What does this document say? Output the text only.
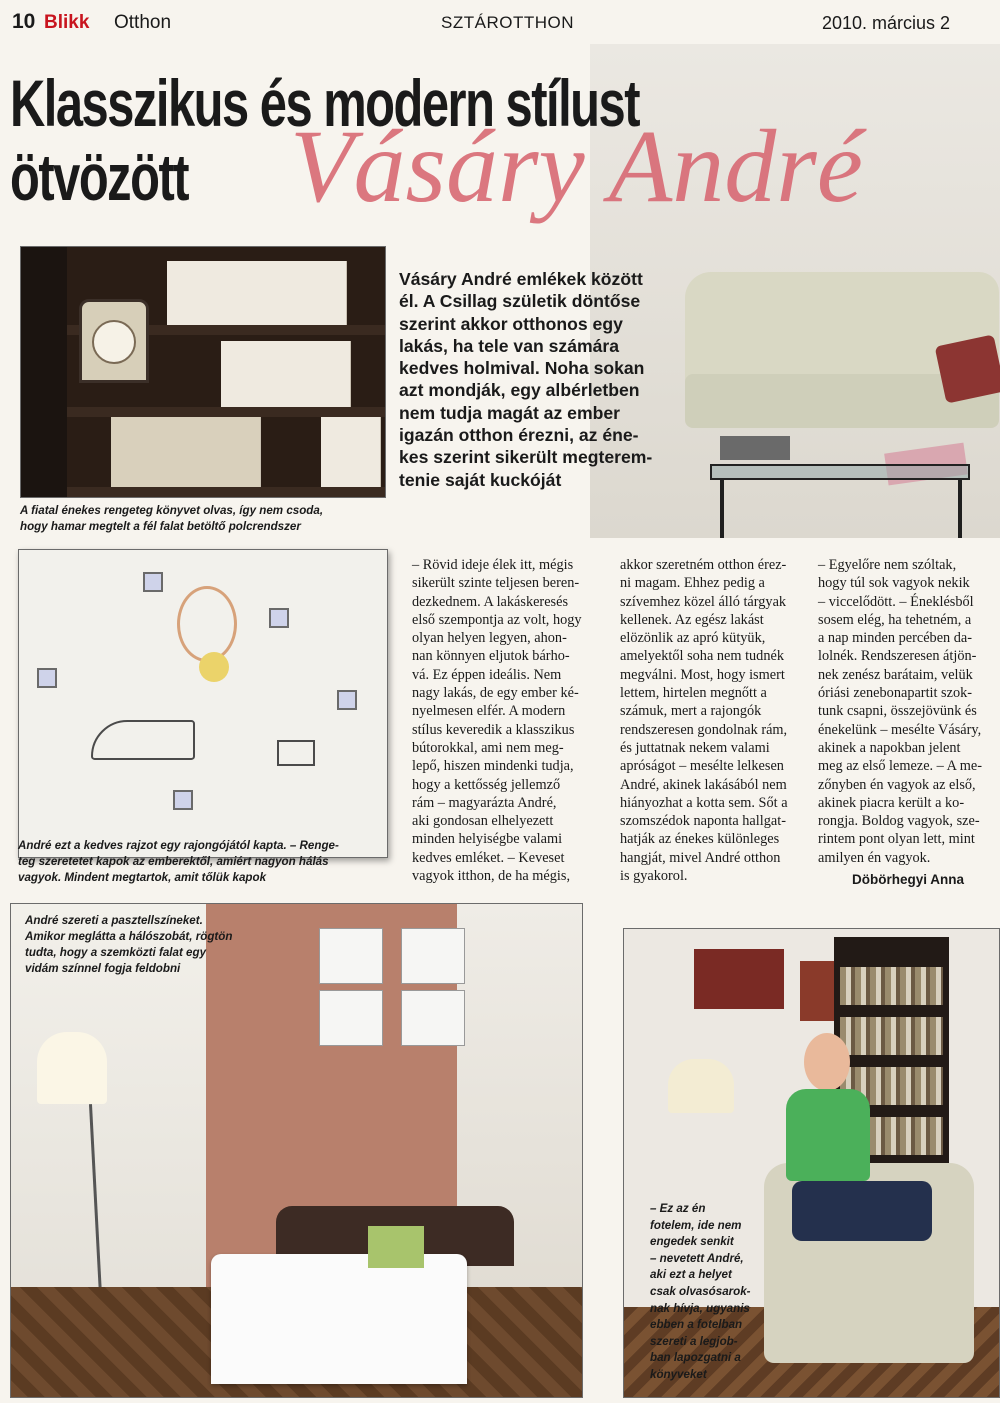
10 Blikk Otthon	SZTÁROTTHON	2010. március 2
Klasszikus és modern stílust
ötvözött Vásáry André
Vásáry André emlékek között
él. A Csillag születik döntőse
szerint akkor otthonos egy
lakás, ha tele van számára
kedves holmival. Noha sokan
azt mondják, egy albérletben
nem tudja magát az ember
igazán otthon érezni, az éne-
kes szerint sikerült megterem-
tenie saját kuckóját
A fiatal énekes rengeteg könyvet olvas, így nem csoda,
hogy hamar megtelt a fél falat betöltő polcrendszer
André ezt a kedves rajzot egy rajongójától kapta. – Renge-
teg szeretetet kapok az emberektől, amiért nagyon hálás
vagyok. Mindent megtartok, amit tőlük kapok
André szereti a pasztellszíneket.
Amikor meglátta a hálószobát, rögtön
tudta, hogy a szemközti falat egy
vidám színnel fogja feldobni
– Ez az én
fotelem, ide nem
engedek senkit
– nevetett André,
aki ezt a helyet
csak olvasósarok-
nak hívja, ugyanis
ebben a fotelban
szereti a legjob-
ban lapozgatni a
könyveket
– Rövid ideje élek itt, mégis
sikerült szinte teljesen beren-
dezkednem. A lakáskeresés
első szempontja az volt, hogy
olyan helyen legyen, ahon-
nan könnyen eljutok bárho-
vá. Ez éppen ideális. Nem
nagy lakás, de egy ember ké-
nyelmesen elfér. A modern
stílus keveredik a klasszikus
bútorokkal, ami nem meg-
lepő, hiszen mindenki tudja,
hogy a kettősség jellemző
rám – magyarázta André,
aki gondosan elhelyezett
minden helyiségbe valami
kedves emléket. – Keveset
vagyok itthon, de ha mégis,
akkor szeretném otthon érez-
ni magam. Ehhez pedig a
szívemhez közel álló tárgyak
kellenek. Az egész lakást
elözönlik az apró kütyük,
amelyektől soha nem tudnék
megválni. Most, hogy ismert
lettem, hirtelen megnőtt a
számuk, mert a rajongók
rendszeresen gondolnak rám,
és juttatnak nekem valami
apróságot – mesélte lelkesen
André, akinek lakásából nem
hiányozhat a kotta sem. Sőt a
szomszédok naponta hallgat-
hatják az énekes különleges
hangját, mivel André otthon
is gyakorol.
– Egyelőre nem szóltak,
hogy túl sok vagyok nekik
– viccelődött. – Éneklésből
sosem elég, ha tehetném, a
a nap minden percében da-
lolnék. Rendszeresen átjön-
nek zenész barátaim, velük
óriási zenebonapartit szok-
tunk csapni, összejövünk és
énekelünk – mesélte Vásáry,
akinek a napokban jelent
meg az első lemeze. – A me-
zőnyben én vagyok az első,
akinek piacra került a ko-
rongja. Boldog vagyok, sze-
rintem pont olyan lett, mint
amilyen én vagyok.
Döbörhegyi Anna
